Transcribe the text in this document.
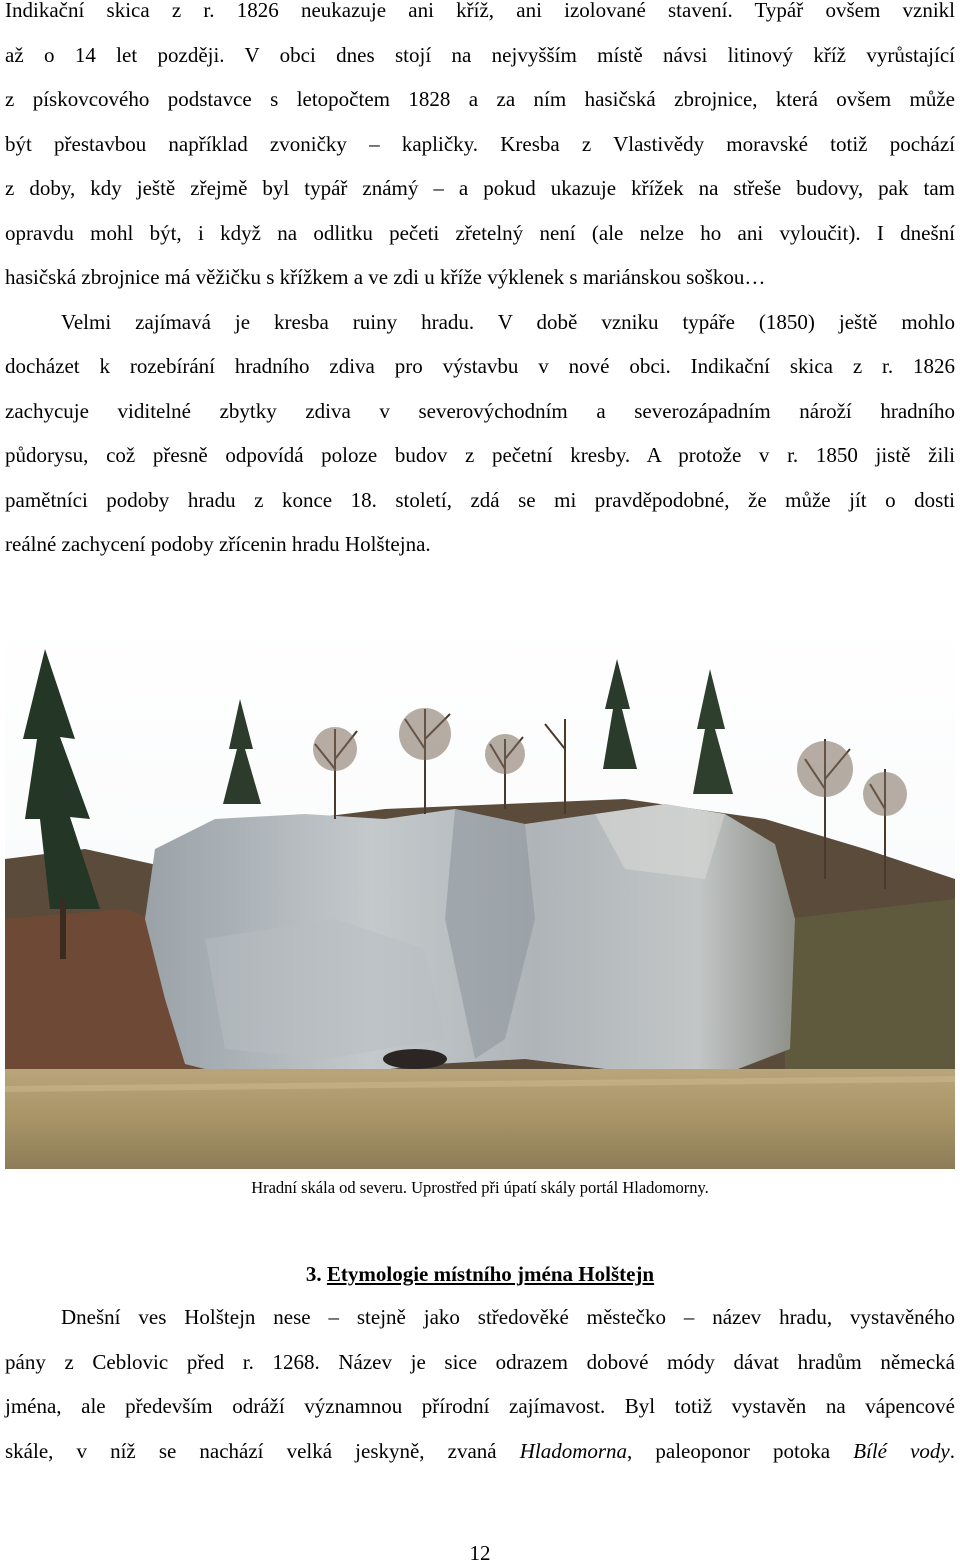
Indikační skica z r. 1826 neukazuje ani kříž, ani izolované stavení. Typář ovšem vznikl
až o 14 let později. V obci dnes stojí na nejvyšším místě návsi litinový kříž vyrůstající
z pískovcového podstavce s letopočtem 1828 a za ním hasičská zbrojnice, která ovšem může
být přestavbou například zvoničky – kapličky. Kresba z Vlastivědy moravské totiž pochází
z doby, kdy ještě zřejmě byl typář známý – a pokud ukazuje křížek na střeše budovy, pak tam
opravdu mohl být, i když na odlitku pečeti zřetelný není (ale nelze ho ani vyloučit). I dnešní
hasičská zbrojnice má věžičku s křížkem a ve zdi u kříže výklenek s mariánskou soškou…
Velmi zajímavá je kresba ruiny hradu. V době vzniku typáře (1850) ještě mohlo
docházet k rozebírání hradního zdiva pro výstavbu v nové obci. Indikační skica z r. 1826
zachycuje viditelné zbytky zdiva v severovýchodním a severozápadním nároží hradního
půdorysu, což přesně odpovídá poloze budov z pečetní kresby. A protože v r. 1850 jistě žili
pamětníci podoby hradu z konce 18. století, zdá se mi pravděpodobné, že může jít o dosti
reálné zachycení podoby zřícenin hradu Holštejna.
Hradní skála od severu. Uprostřed při úpatí skály portál Hladomorny.
3. Etymologie místního jména Holštejn
Dnešní ves Holštejn nese – stejně jako středověké městečko – název hradu, vystavěného
pány z Ceblovic před r. 1268. Název je sice odrazem dobové módy dávat hradům německá
jména, ale především odráží významnou přírodní zajímavost. Byl totiž vystavěn na vápencové
skále, v níž se nachází velká jeskyně, zvaná Hladomorna, paleoponor potoka Bílé vody.
12
